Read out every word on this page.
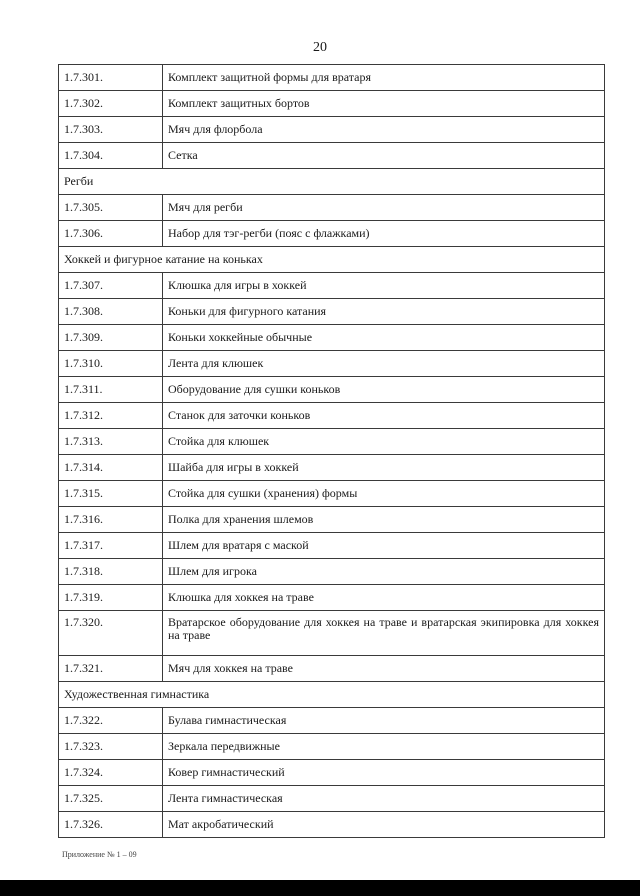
20
1.7.301.	Комплект защитной формы для вратаря
1.7.302.	Комплект защитных бортов
1.7.303.	Мяч для флорбола
1.7.304.	Сетка
Регби	
1.7.305.	Мяч для регби
1.7.306.	Набор для тэг-регби (пояс с флажками)
Хоккей и фигурное катание на коньках	
1.7.307.	Клюшка для игры в хоккей
1.7.308.	Коньки для фигурного катания
1.7.309.	Коньки хоккейные обычные
1.7.310.	Лента для клюшек
1.7.311.	Оборудование для сушки коньков
1.7.312.	Станок для заточки коньков
1.7.313.	Стойка для клюшек
1.7.314.	Шайба для игры в хоккей
1.7.315.	Стойка для сушки (хранения) формы
1.7.316.	Полка для хранения шлемов
1.7.317.	Шлем для вратаря с маской
1.7.318.	Шлем для игрока
1.7.319.	Клюшка для хоккея на траве
1.7.320.	Вратарское оборудование для хоккея на траве и вратарская экипировка для хоккея на траве
1.7.321.	Мяч для хоккея на траве
Художественная гимнастика	
1.7.322.	Булава гимнастическая
1.7.323.	Зеркала передвижные
1.7.324.	Ковер гимнастический
1.7.325.	Лента гимнастическая
1.7.326.	Мат акробатический
Приложение № 1 – 09
